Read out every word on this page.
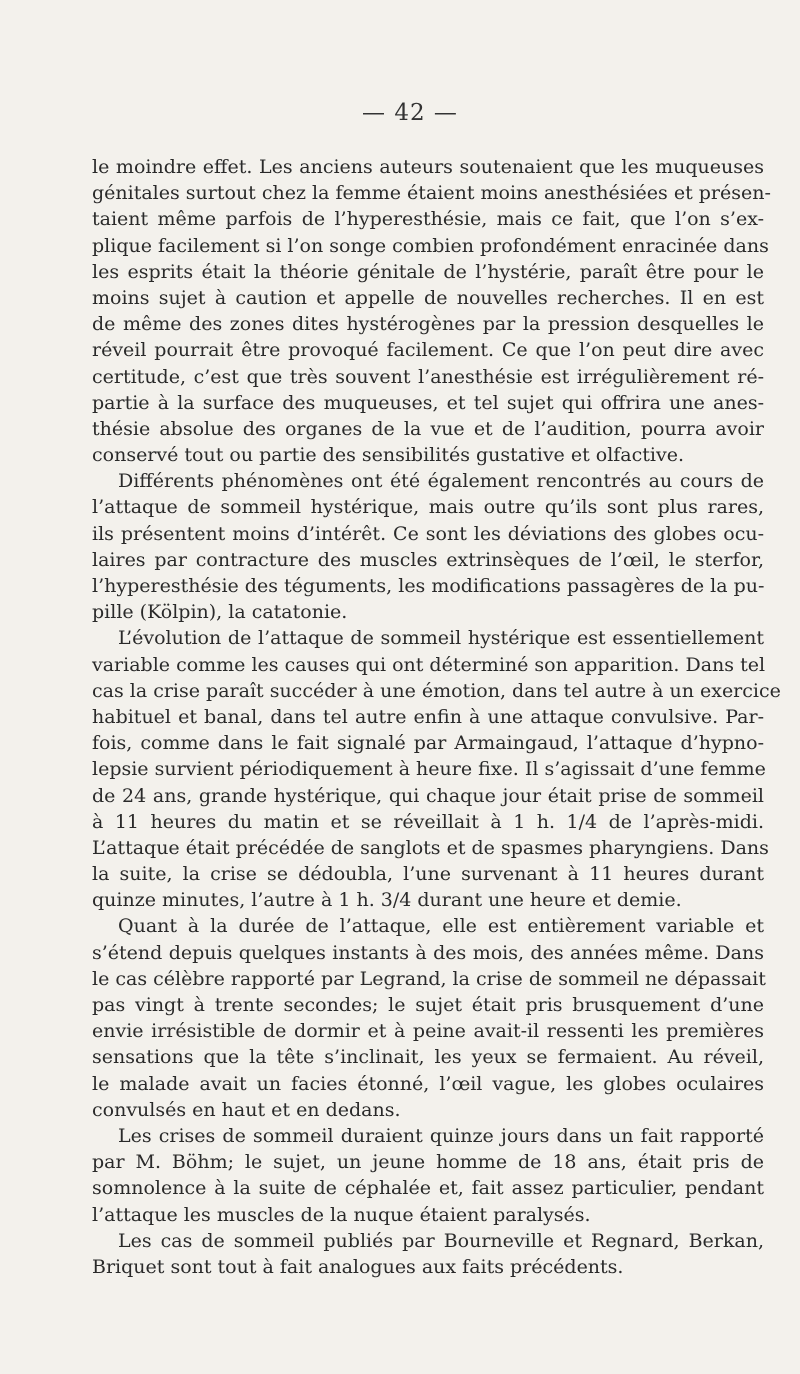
— 42 —
le moindre effet. Les anciens auteurs soutenaient que les muqueuses
génitales surtout chez la femme étaient moins anesthésiées et présen-
taient même parfois de l’hyperesthésie, mais ce fait, que l’on s’ex-
plique facilement si l’on songe combien profondément enracinée dans
les esprits était la théorie génitale de l’hystérie, paraît être pour le
moins sujet à caution et appelle de nouvelles recherches. Il en est
de même des zones dites hystérogènes par la pression desquelles le
réveil pourrait être provoqué facilement. Ce que l’on peut dire avec
certitude, c’est que très souvent l’anesthésie est irrégulièrement ré-
partie à la surface des muqueuses, et tel sujet qui offrira une anes-
thésie absolue des organes de la vue et de l’audition, pourra avoir
conservé tout ou partie des sensibilités gustative et olfactive.
Différents phénomènes ont été également rencontrés au cours de
l’attaque de sommeil hystérique, mais outre qu’ils sont plus rares,
ils présentent moins d’intérêt. Ce sont les déviations des globes ocu-
laires par contracture des muscles extrinsèques de l’œil, le sterfor,
l’hyperesthésie des téguments, les modifications passagères de la pu-
pille (Kölpin), la catatonie.
L’évolution de l’attaque de sommeil hystérique est essentiellement
variable comme les causes qui ont déterminé son apparition. Dans tel
cas la crise paraît succéder à une émotion, dans tel autre à un exercice
habituel et banal, dans tel autre enfin à une attaque convulsive. Par-
fois, comme dans le fait signalé par Armaingaud, l’attaque d’hypno-
lepsie survient périodiquement à heure fixe. Il s’agissait d’une femme
de 24 ans, grande hystérique, qui chaque jour était prise de sommeil
à 11 heures du matin et se réveillait à 1 h. 1/4 de l’après-midi.
L’attaque était précédée de sanglots et de spasmes pharyngiens. Dans
la suite, la crise se dédoubla, l’une survenant à 11 heures durant
quinze minutes, l’autre à 1 h. 3/4 durant une heure et demie.
Quant à la durée de l’attaque, elle est entièrement variable et
s’étend depuis quelques instants à des mois, des années même. Dans
le cas célèbre rapporté par Legrand, la crise de sommeil ne dépassait
pas vingt à trente secondes; le sujet était pris brusquement d’une
envie irrésistible de dormir et à peine avait-il ressenti les premières
sensations que la tête s’inclinait, les yeux se fermaient. Au réveil,
le malade avait un facies étonné, l’œil vague, les globes oculaires
convulsés en haut et en dedans.
Les crises de sommeil duraient quinze jours dans un fait rapporté
par M. Böhm; le sujet, un jeune homme de 18 ans, était pris de
somnolence à la suite de céphalée et, fait assez particulier, pendant
l’attaque les muscles de la nuque étaient paralysés.
Les cas de sommeil publiés par Bourneville et Regnard, Berkan,
Briquet sont tout à fait analogues aux faits précédents.
